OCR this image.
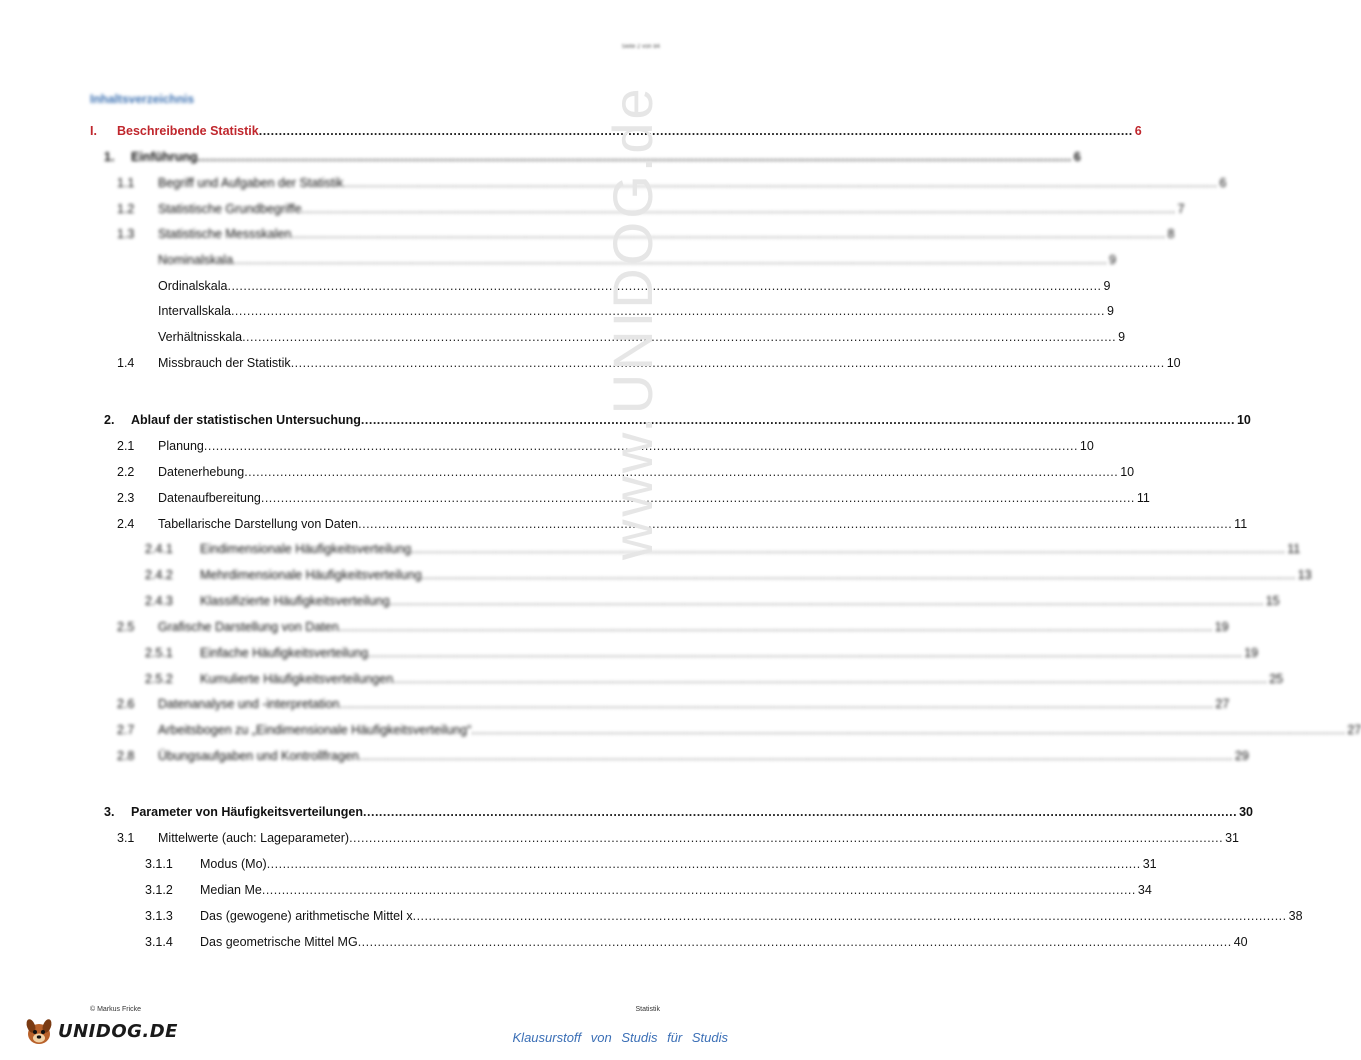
Seite 2 von 84
Inhaltsverzeichnis
I. Beschreibende Statistik ............................................................................................................................................................................................................................ 6
1. Einführung ............................................................................................................................................................................................................................ 6
1.1 Begriff und Aufgaben der Statistik ............................................................................................................................................................................................................................ 6
1.2 Statistische Grundbegriffe ............................................................................................................................................................................................................................ 7
1.3 Statistische Messskalen ............................................................................................................................................................................................................................ 8
Nominalskala ............................................................................................................................................................................................................................ 9
Ordinalskala ............................................................................................................................................................................................................................ 9
Intervallskala ............................................................................................................................................................................................................................ 9
Verhältnisskala ............................................................................................................................................................................................................................ 9
1.4 Missbrauch der Statistik ............................................................................................................................................................................................................................ 10
2. Ablauf der statistischen Untersuchung ............................................................................................................................................................................................................................ 10
2.1 Planung ............................................................................................................................................................................................................................ 10
2.2 Datenerhebung ............................................................................................................................................................................................................................ 10
2.3 Datenaufbereitung ............................................................................................................................................................................................................................ 11
2.4 Tabellarische Darstellung von Daten ............................................................................................................................................................................................................................ 11
2.4.1 Eindimensionale Häufigkeitsverteilung ............................................................................................................................................................................................................................ 11
2.4.2 Mehrdimensionale Häufigkeitsverteilung ............................................................................................................................................................................................................................ 13
2.4.3 Klassifizierte Häufigkeitsverteilung ............................................................................................................................................................................................................................ 15
2.5 Grafische Darstellung von Daten ............................................................................................................................................................................................................................ 19
2.5.1 Einfache Häufigkeitsverteilung ............................................................................................................................................................................................................................ 19
2.5.2 Kumulierte Häufigkeitsverteilungen ............................................................................................................................................................................................................................ 25
2.6 Datenanalyse und -interpretation ............................................................................................................................................................................................................................ 27
2.7 Arbeitsbogen zu „Eindimensionale Häufigkeitsverteilung“ ............................................................................................................................................................................................................................ 27
2.8 Übungsaufgaben und Kontrollfragen ............................................................................................................................................................................................................................ 29
3. Parameter von Häufigkeitsverteilungen ............................................................................................................................................................................................................................ 30
3.1 Mittelwerte (auch: Lageparameter) ............................................................................................................................................................................................................................ 31
3.1.1 Modus (Mo) ............................................................................................................................................................................................................................ 31
3.1.2 Median Me ............................................................................................................................................................................................................................ 34
3.1.3 Das (gewogene) arithmetische Mittel x ............................................................................................................................................................................................................................ 38
3.1.4 Das geometrische Mittel MG ............................................................................................................................................................................................................................ 40
www.UNIDOG.de
© Markus Fricke	Statistik
UNIDOG.DE	Klausurstoff von Studis für Studis
